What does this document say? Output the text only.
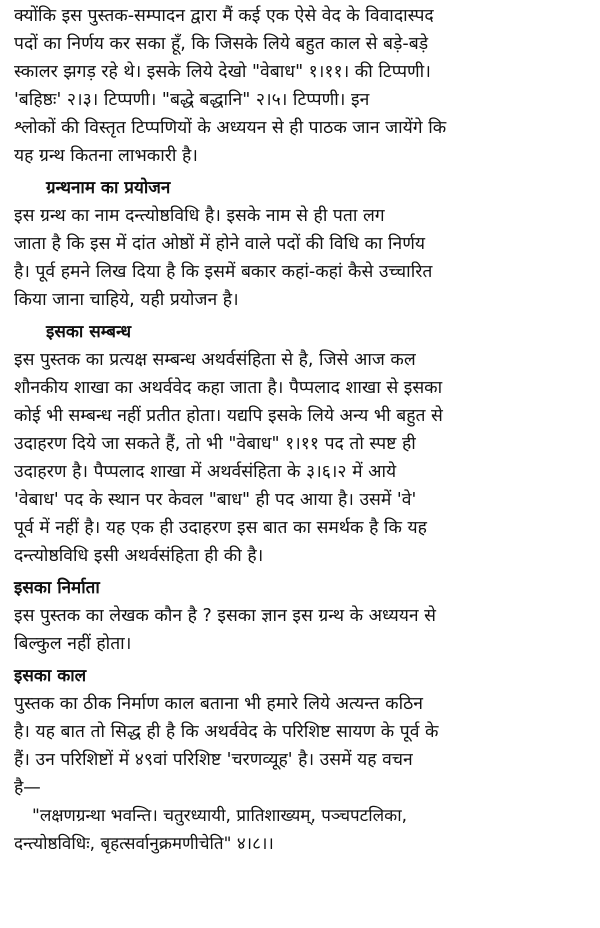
क्योंकि इस पुस्तक-सम्पादन द्वारा मैं कई एक ऐसे वेद के विवादास्पद
पदों का निर्णय कर सका हूँ, कि जिसके लिये बहुत काल से बड़े-बड़े
स्कालर झगड़ रहे थे। इसके लिये देखो "वेबाध" १।११। की टिप्पणी।
'बहिष्ठः' २।३। टिप्पणी। "बद्धे बद्धानि" २।५। टिप्पणी। इन
श्लोकों की विस्तृत टिप्पणियों के अध्ययन से ही पाठक जान जायेंगे कि
यह ग्रन्थ कितना लाभकारी है।
ग्रन्थनाम का प्रयोजन
इस ग्रन्थ का नाम दन्त्योष्ठविधि है। इसके नाम से ही पता लग
जाता है कि इस में दांत ओष्ठों में होने वाले पदों की विधि का निर्णय
है। पूर्व हमने लिख दिया है कि इसमें बकार कहां-कहां कैसे उच्चारित
किया जाना चाहिये, यही प्रयोजन है।
इसका सम्बन्ध
इस पुस्तक का प्रत्यक्ष सम्बन्ध अथर्वसंहिता से है, जिसे आज कल
शौनकीय शाखा का अथर्ववेद कहा जाता है। पैप्पलाद शाखा से इसका
कोई भी सम्बन्ध नहीं प्रतीत होता। यद्यपि इसके लिये अन्य भी बहुत से
उदाहरण दिये जा सकते हैं, तो भी "वेबाध" १।११ पद तो स्पष्ट ही
उदाहरण है। पैप्पलाद शाखा में अथर्वसंहिता के ३।६।२ में आये
'वेबाध' पद के स्थान पर केवल "बाध" ही पद आया है। उसमें 'वे'
पूर्व में नहीं है। यह एक ही उदाहरण इस बात का समर्थक है कि यह
दन्त्योष्ठविधि इसी अथर्वसंहिता ही की है।
इसका निर्माता
इस पुस्तक का लेखक कौन है ? इसका ज्ञान इस ग्रन्थ के अध्ययन से
बिल्कुल नहीं होता।
इसका काल
पुस्तक का ठीक निर्माण काल बताना भी हमारे लिये अत्यन्त कठिन
है। यह बात तो सिद्ध ही है कि अथर्ववेद के परिशिष्ट सायण के पूर्व के
हैं। उन परिशिष्टों में ४९वां परिशिष्ट 'चरणव्यूह' है। उसमें यह वचन
है—
"लक्षणग्रन्था भवन्ति। चतुरध्यायी, प्रातिशाख्यम्, पञ्चपटलिका,
दन्त्योष्ठविधिः, बृहत्सर्वानुक्रमणीचेति" ४।८।।
